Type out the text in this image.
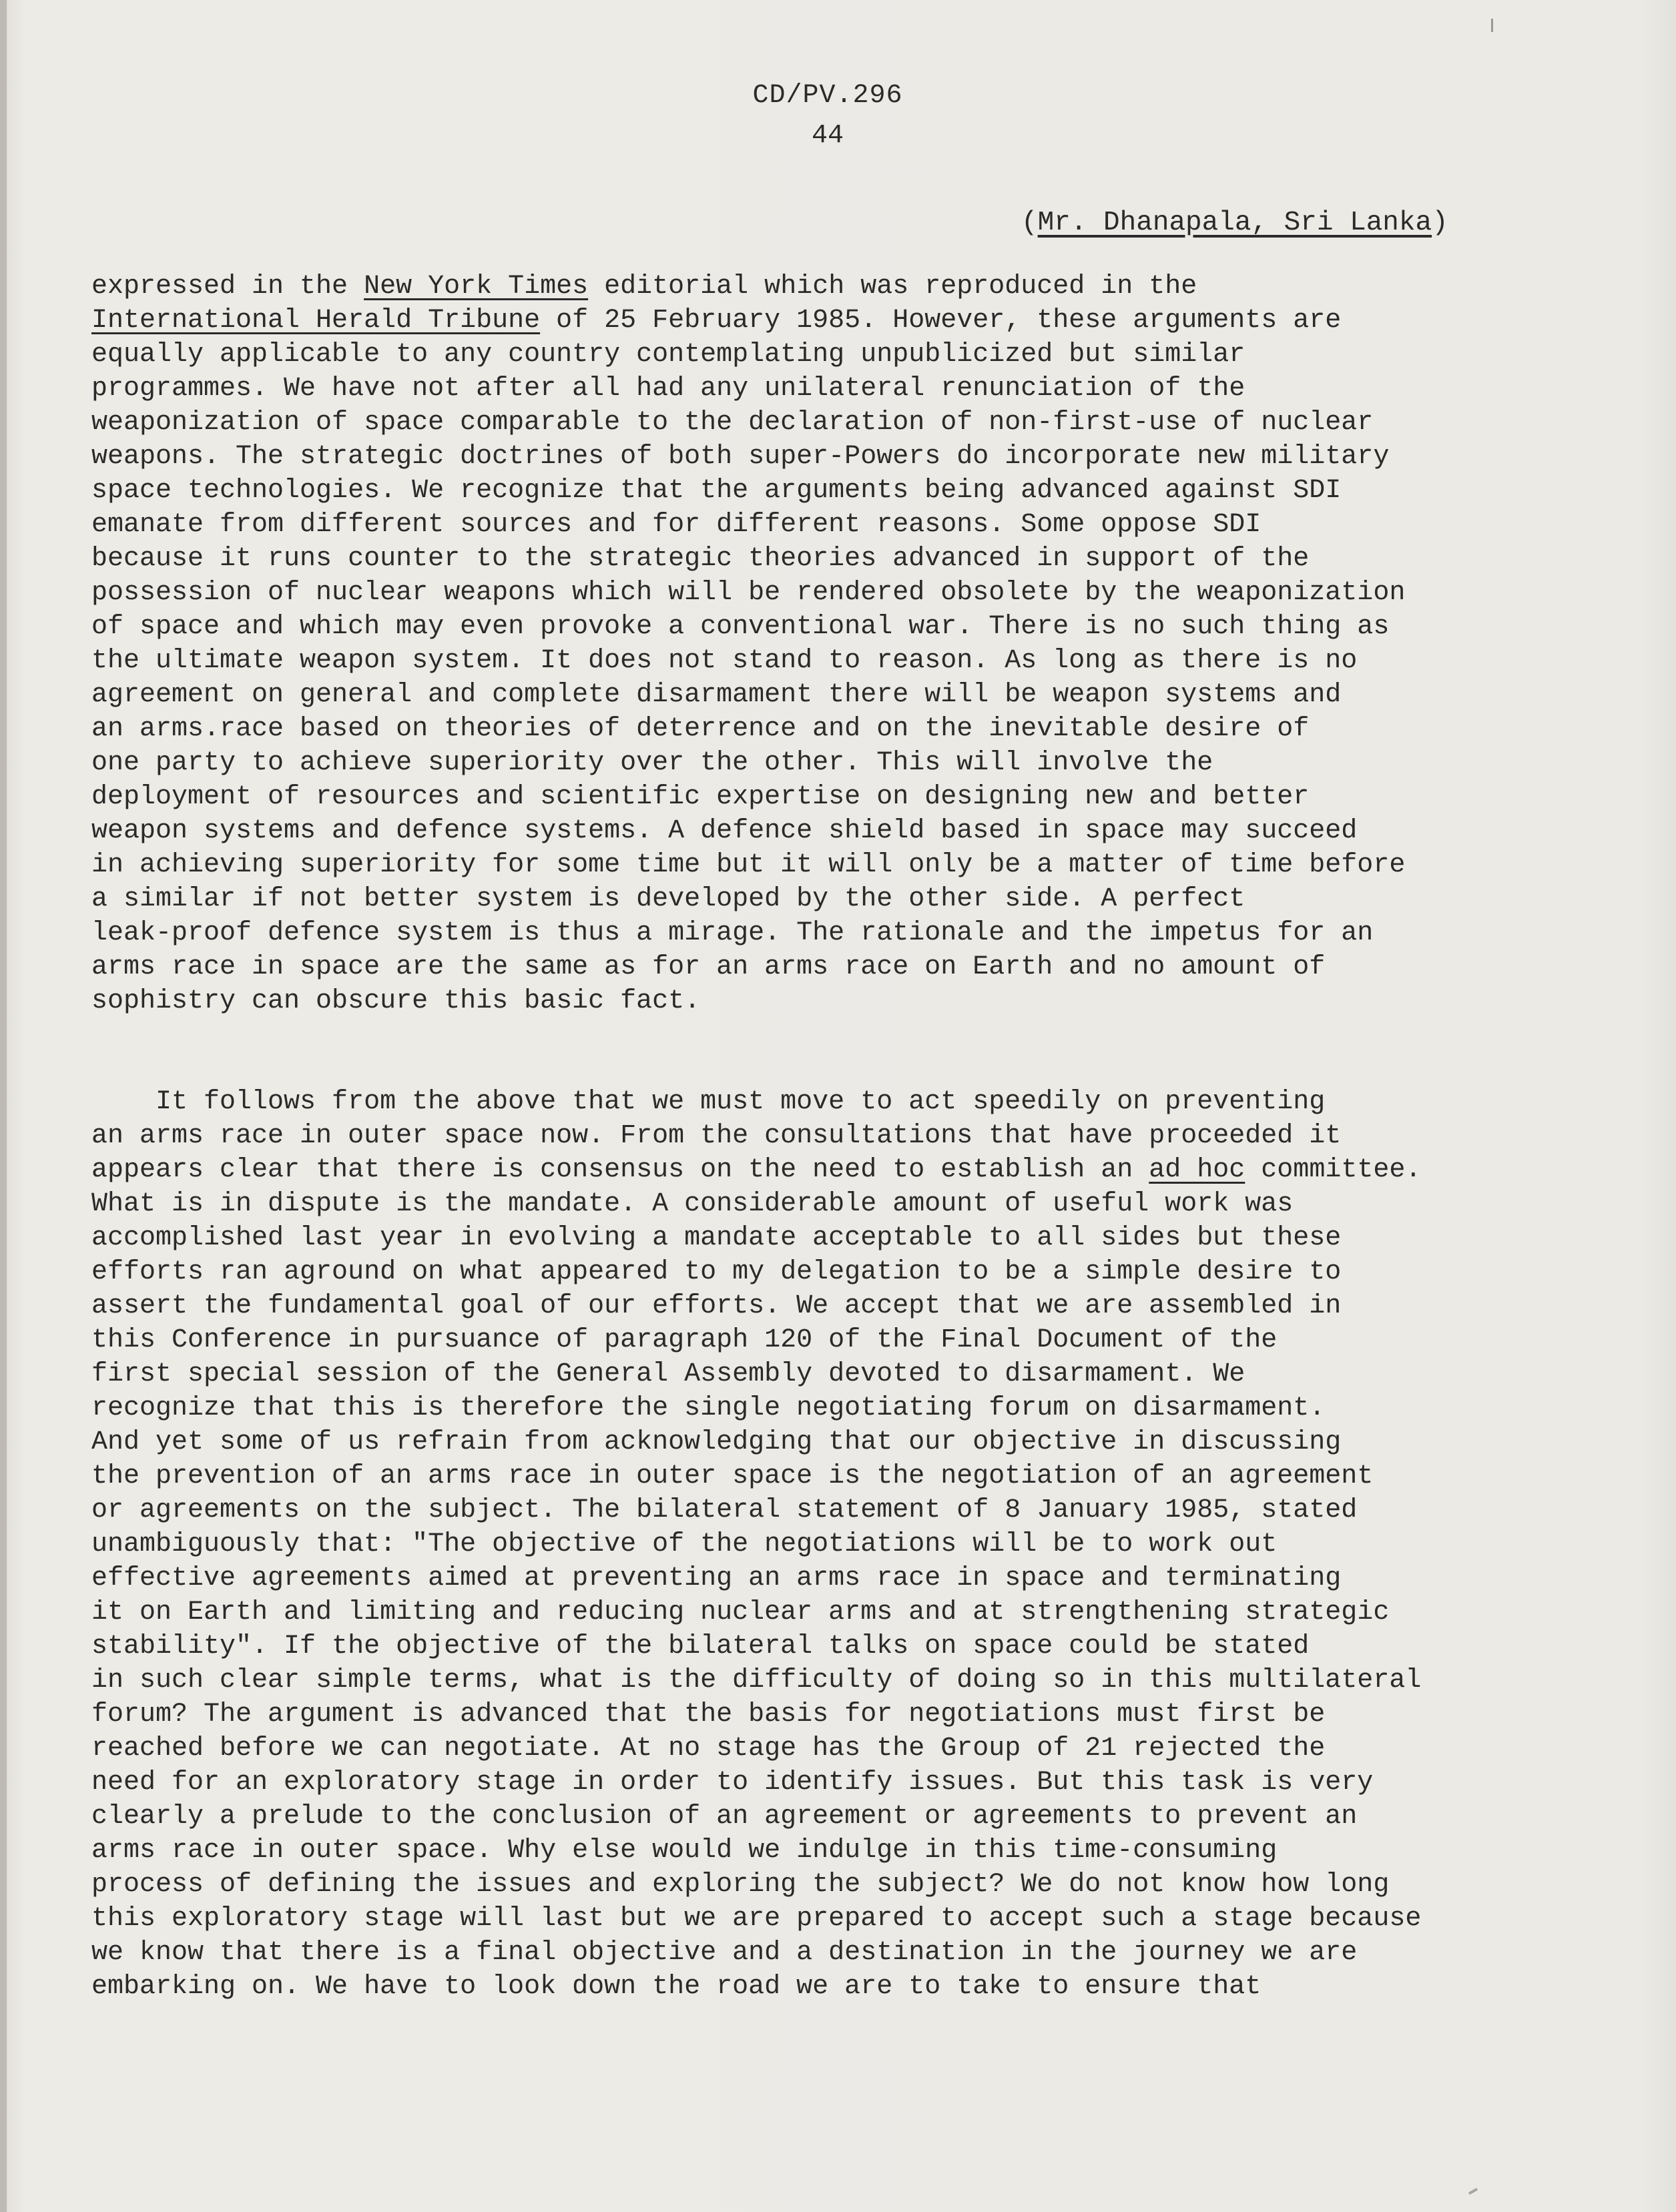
CD/PV.296
44
(Mr. Dhanapala, Sri Lanka)
expressed in the New York Times editorial which was reproduced in the
International Herald Tribune of 25 February 1985. However, these arguments are
equally applicable to any country contemplating unpublicized but similar
programmes. We have not after all had any unilateral renunciation of the
weaponization of space comparable to the declaration of non-first-use of nuclear
weapons. The strategic doctrines of both super-Powers do incorporate new military
space technologies. We recognize that the arguments being advanced against SDI
emanate from different sources and for different reasons. Some oppose SDI
because it runs counter to the strategic theories advanced in support of the
possession of nuclear weapons which will be rendered obsolete by the weaponization
of space and which may even provoke a conventional war. There is no such thing as
the ultimate weapon system. It does not stand to reason. As long as there is no
agreement on general and complete disarmament there will be weapon systems and
an arms.race based on theories of deterrence and on the inevitable desire of
one party to achieve superiority over the other. This will involve the
deployment of resources and scientific expertise on designing new and better
weapon systems and defence systems. A defence shield based in space may succeed
in achieving superiority for some time but it will only be a matter of time before
a similar if not better system is developed by the other side. A perfect
leak-proof defence system is thus a mirage. The rationale and the impetus for an
arms race in space are the same as for an arms race on Earth and no amount of
sophistry can obscure this basic fact.
It follows from the above that we must move to act speedily on preventing
an arms race in outer space now. From the consultations that have proceeded it
appears clear that there is consensus on the need to establish an ad hoc committee.
What is in dispute is the mandate. A considerable amount of useful work was
accomplished last year in evolving a mandate acceptable to all sides but these
efforts ran aground on what appeared to my delegation to be a simple desire to
assert the fundamental goal of our efforts. We accept that we are assembled in
this Conference in pursuance of paragraph 120 of the Final Document of the
first special session of the General Assembly devoted to disarmament. We
recognize that this is therefore the single negotiating forum on disarmament.
And yet some of us refrain from acknowledging that our objective in discussing
the prevention of an arms race in outer space is the negotiation of an agreement
or agreements on the subject. The bilateral statement of 8 January 1985, stated
unambiguously that: "The objective of the negotiations will be to work out
effective agreements aimed at preventing an arms race in space and terminating
it on Earth and limiting and reducing nuclear arms and at strengthening strategic
stability". If the objective of the bilateral talks on space could be stated
in such clear simple terms, what is the difficulty of doing so in this multilateral
forum? The argument is advanced that the basis for negotiations must first be
reached before we can negotiate. At no stage has the Group of 21 rejected the
need for an exploratory stage in order to identify issues. But this task is very
clearly a prelude to the conclusion of an agreement or agreements to prevent an
arms race in outer space. Why else would we indulge in this time-consuming
process of defining the issues and exploring the subject? We do not know how long
this exploratory stage will last but we are prepared to accept such a stage because
we know that there is a final objective and a destination in the journey we are
embarking on. We have to look down the road we are to take to ensure that
